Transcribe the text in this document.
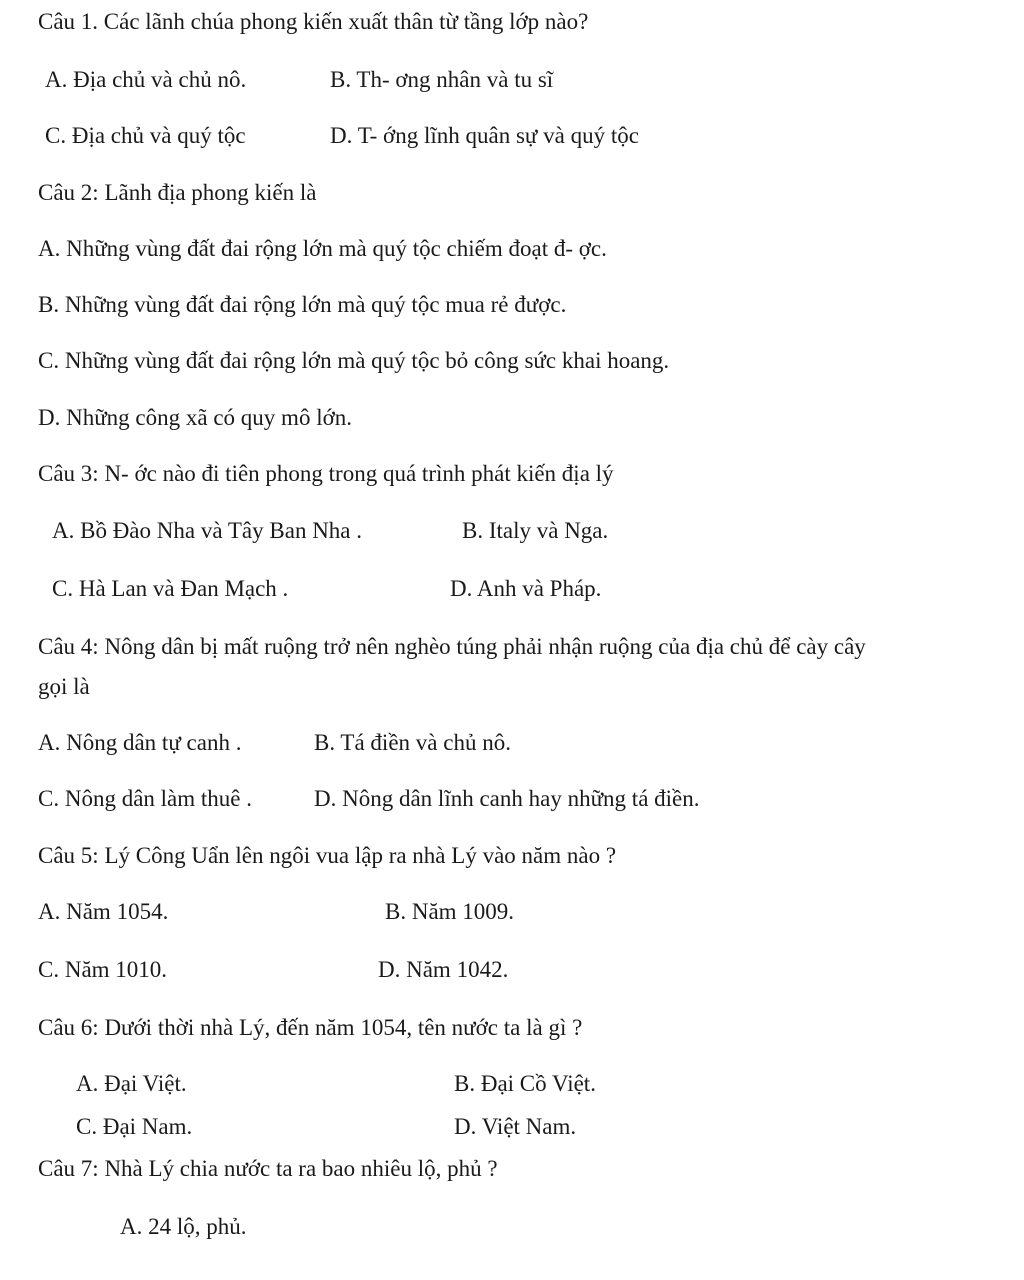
Câu 1. Các lãnh chúa phong kiến xuất thân từ tầng lớp nào?
A. Địa chủ và chủ nô.	B. Th- ơng nhân và tu sĩ
C. Địa chủ và quý tộc	D. T- ớng lĩnh quân sự và quý tộc
Câu 2: Lãnh địa phong kiến là
A. Những vùng đất đai rộng lớn mà quý tộc chiếm đoạt đ- ợc.
B. Những vùng đất đai rộng lớn mà quý tộc mua rẻ được.
C. Những vùng đất đai rộng lớn mà quý tộc bỏ công sức khai hoang.
D. Những công xã có quy mô lớn.
Câu 3: N- ớc nào đi tiên phong trong quá trình phát kiến địa lý
A. Bồ Đào Nha và Tây Ban Nha .	B. Italy và Nga.
C. Hà Lan và Đan Mạch .	D. Anh và Pháp.
Câu 4: Nông dân bị mất ruộng trở nên nghèo túng phải nhận ruộng của địa chủ để cày cây
gọi là
A. Nông dân tự canh .	B. Tá điền và chủ nô.
C. Nông dân làm thuê .	D. Nông dân lĩnh canh hay những tá điền.
Câu 5: Lý Công Uẩn lên ngôi vua lập ra nhà Lý vào năm nào ?
A. Năm 1054.	B. Năm 1009.
C. Năm 1010.	D. Năm 1042.
Câu 6: Dưới thời nhà Lý, đến năm 1054, tên nước ta là gì ?
A. Đại Việt.	B. Đại Cồ Việt.
C. Đại Nam.	D. Việt Nam.
Câu 7: Nhà Lý chia nước ta ra bao nhiêu lộ, phủ ?
A. 24 lộ, phủ.
